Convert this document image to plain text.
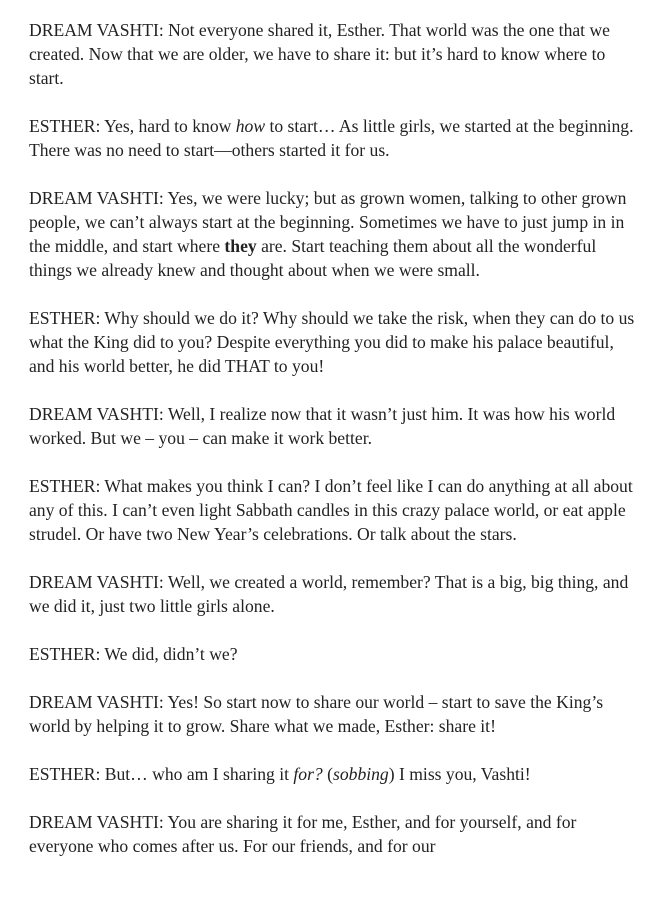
DREAM VASHTI: Not everyone shared it, Esther. That world was the one that we created. Now that we are older, we have to share it: but it’s hard to know where to start.

ESTHER: Yes, hard to know how to start… As little girls, we started at the beginning. There was no need to start—others started it for us.

DREAM VASHTI: Yes, we were lucky; but as grown women, talking to other grown people, we can’t always start at the beginning. Sometimes we have to just jump in in the middle, and start where they are. Start teaching them about all the wonderful things we already knew and thought about when we were small.

ESTHER: Why should we do it? Why should we take the risk, when they can do to us what the King did to you? Despite everything you did to make his palace beautiful, and his world better, he did THAT to you!

DREAM VASHTI: Well, I realize now that it wasn’t just him. It was how his world worked. But we – you – can make it work better.

ESTHER: What makes you think I can? I don’t feel like I can do anything at all about any of this. I can’t even light Sabbath candles in this crazy palace world, or eat apple strudel. Or have two New Year’s celebrations. Or talk about the stars.

DREAM VASHTI: Well, we created a world, remember? That is a big, big thing, and we did it, just two little girls alone.

ESTHER: We did, didn’t we?

DREAM VASHTI: Yes! So start now to share our world – start to save the King’s world by helping it to grow. Share what we made, Esther: share it!

ESTHER: But… who am I sharing it for? (sobbing) I miss you, Vashti!

DREAM VASHTI: You are sharing it for me, Esther, and for yourself, and for everyone who comes after us. For our friends, and for our
